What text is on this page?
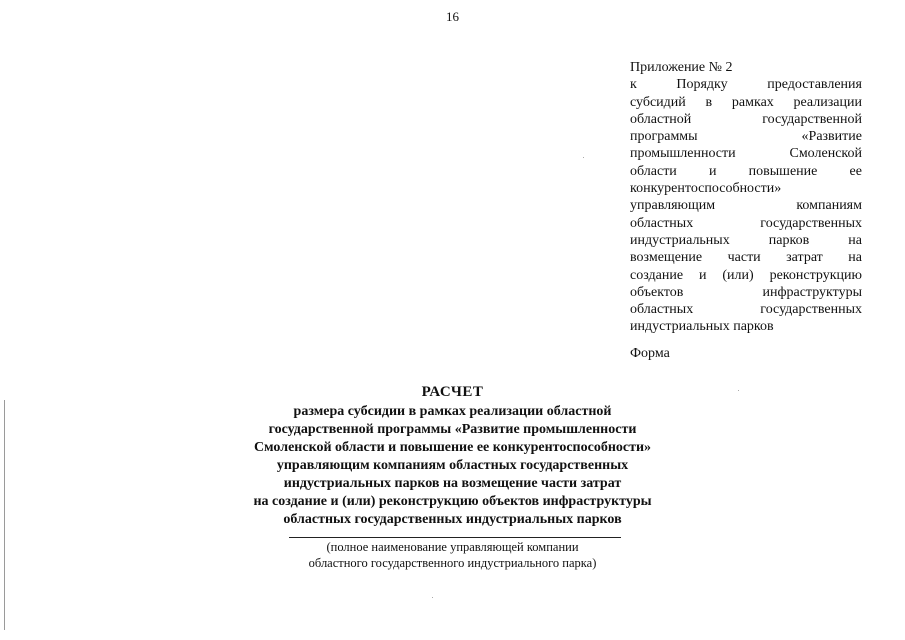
16
Приложение № 2
к	Порядку	предоставления
субсидий в рамках реализации
областной	государственной
программы	«Развитие
промышленности	Смоленской
области и повышение ее
конкурентоспособности»
управляющим	компаниям
областных	государственных
индустриальных	парков	на
возмещение части затрат на
создание и (или) реконструкцию
объектов	инфраструктуры
областных	государственных
индустриальных парков
Форма
РАСЧЕТ
размера субсидии в рамках реализации областной
государственной программы «Развитие промышленности
Смоленской области и повышение ее конкурентоспособности»
управляющим компаниям областных государственных
индустриальных парков на возмещение части затрат
на создание и (или) реконструкцию объектов инфраструктуры
областных государственных индустриальных парков
(полное наименование управляющей компании
областного государственного индустриального парка)
